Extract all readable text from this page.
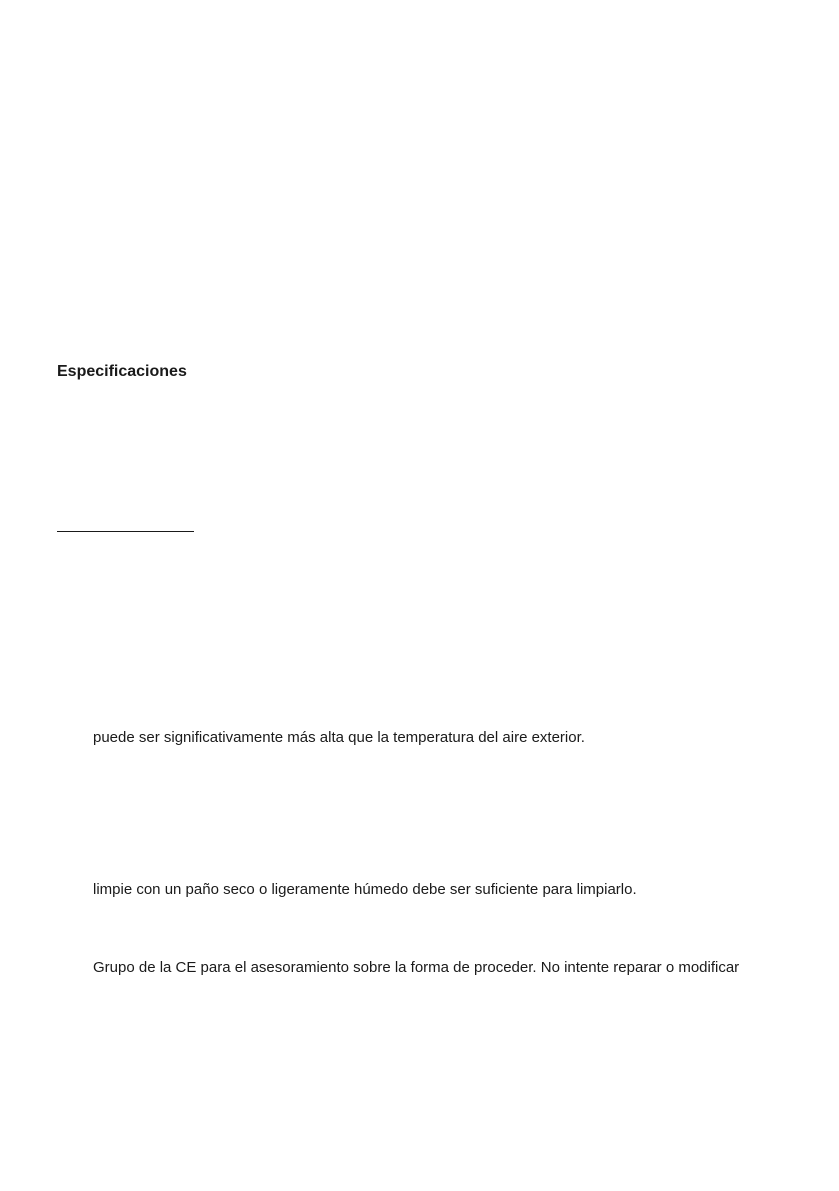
Especificaciones
puede ser significativamente más alta que la temperatura del aire exterior.
limpie con un paño seco o ligeramente húmedo debe ser suficiente para limpiarlo.
Grupo de la CE para el asesoramiento sobre la forma de proceder. No intente reparar o modificar
